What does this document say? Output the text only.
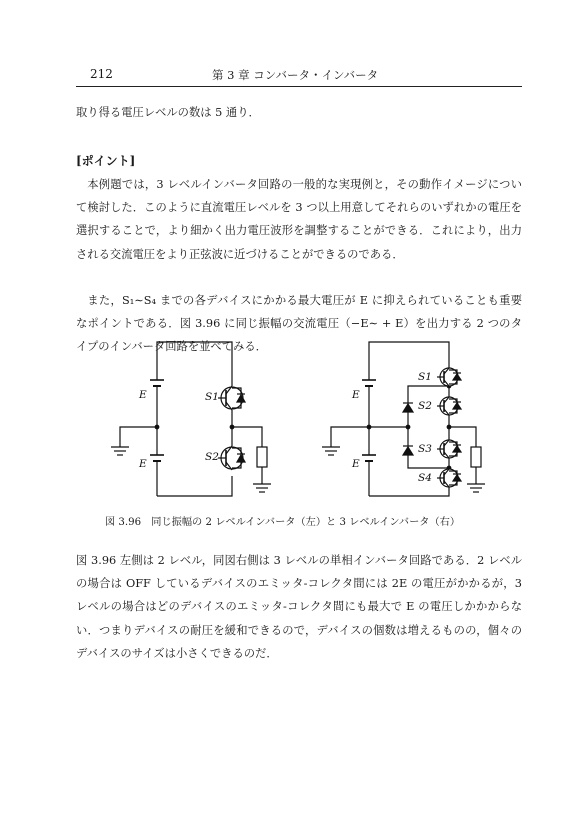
212	第 3 章 コンバータ・インバータ

取り得る電圧レベルの数は 5 通り．

[ポイント]

本例題では，3 レベルインバータ回路の一般的な実現例と，その動作イメージについて検討した．このように直流電圧レベルを 3 つ以上用意してそれらのいずれかの電圧を選択することで，より細かく出力電圧波形を調整することができる．これにより，出力される交流電圧をより正弦波に近づけることができるのである．

また，S₁∼S₄ までの各デバイスにかかる最大電圧が E に抑えられていることも重要なポイントである．図 3.96 に同じ振幅の交流電圧（−E∼ + E）を出力する 2 つのタイプのインバータ回路を並べてみる．

E
E
S1
S2
E
E
S1
S2
S3
S4
図 3.96　同じ振幅の 2 レベルインバータ（左）と 3 レベルインバータ（右）

図 3.96 左側は 2 レベル，同図右側は 3 レベルの単相インバータ回路である．2 レベルの場合は OFF しているデバイスのエミッタ-コレクタ間には 2E の電圧がかかるが，3 レベルの場合はどのデバイスのエミッタ-コレクタ間にも最大で E の電圧しかかからない．つまりデバイスの耐圧を緩和できるので，デバイスの個数は増えるものの，個々のデバイスのサイズは小さくできるのだ．
